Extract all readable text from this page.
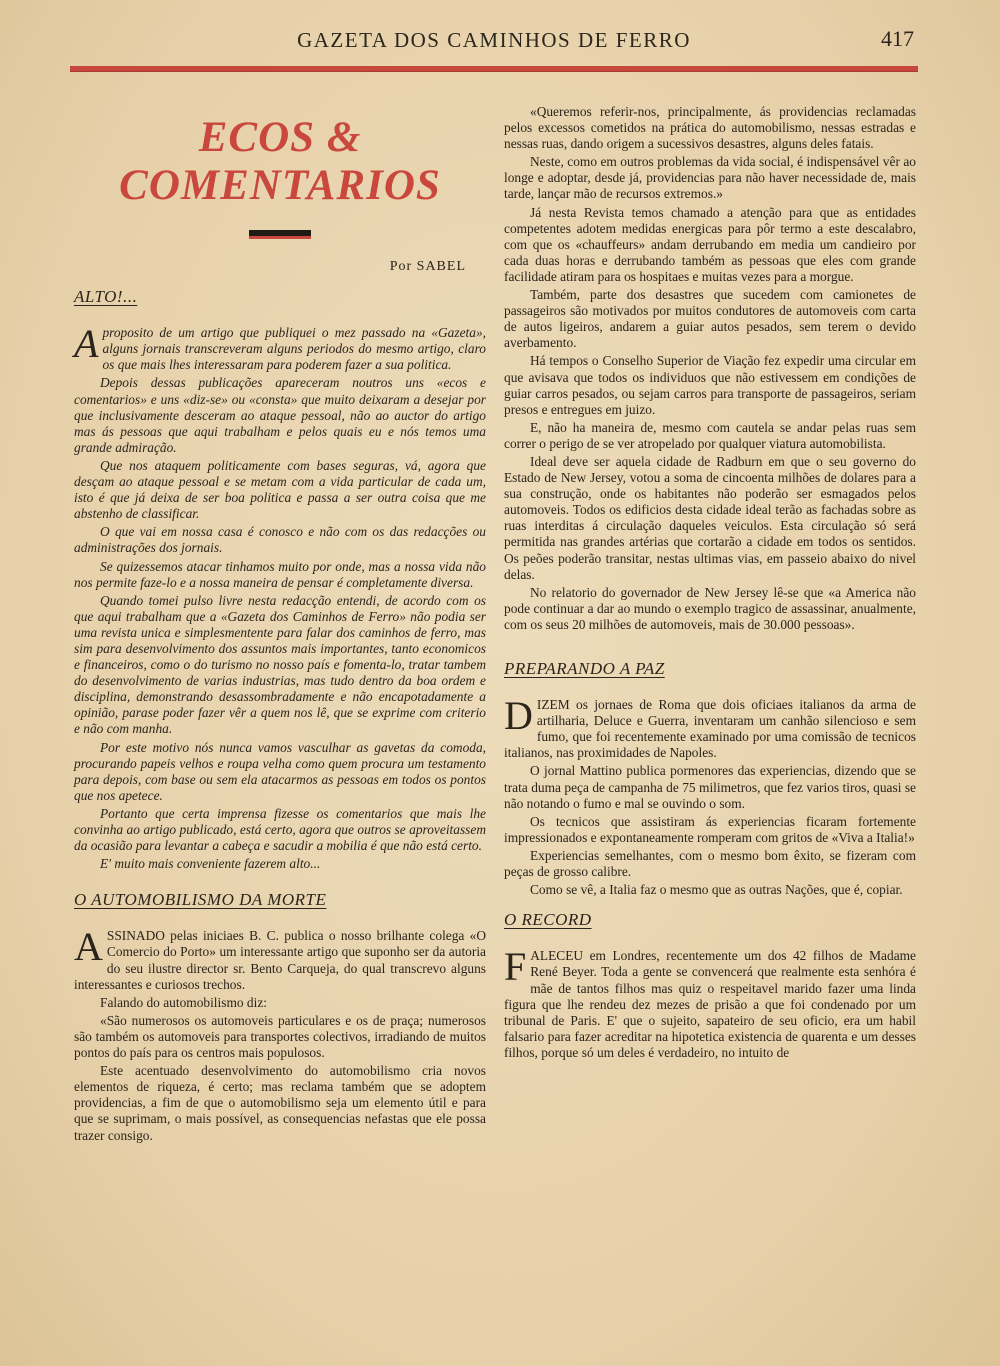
GAZETA DOS CAMINHOS DE FERRO	417
ECOS & COMENTARIOS
Por SABEL
ALTO!...

Aproposito de um artigo que publiquei o mez passado na «Gazeta», alguns jornais transcreveram alguns periodos do mesmo artigo, claro os que mais lhes interessaram para poderem fazer a sua politica.

Depois dessas publicações apareceram noutros uns «ecos e comentarios» e uns «diz-se» ou «consta» que muito deixaram a desejar por que inclusivamente desceram ao ataque pessoal, não ao auctor do artigo mas ás pessoas que aqui trabalham e pelos quais eu e nós temos uma grande admiração.

Que nos ataquem politicamente com bases seguras, vá, agora que desçam ao ataque pessoal e se metam com a vida particular de cada um, isto é que já deixa de ser boa politica e passa a ser outra coisa que me abstenho de classificar.

O que vai em nossa casa é conosco e não com os das redacções ou administrações dos jornais.

Se quizessemos atacar tinhamos muito por onde, mas a nossa vida não nos permite faze-lo e a nossa maneira de pensar é completamente diversa.

Quando tomei pulso livre nesta redacção entendi, de acordo com os que aqui trabalham que a «Gazeta dos Caminhos de Ferro» não podia ser uma revista unica e simplesmentente para falar dos caminhos de ferro, mas sim para desenvolvimento dos assuntos mais importantes, tanto economicos e financeiros, como o do turismo no nosso país e fomenta-lo, tratar tambem do desenvolvimento de varias industrias, mas tudo dentro da boa ordem e disciplina, demonstrando desassombradamente e não encapotadamente a opinião, parase poder fazer vêr a quem nos lê, que se exprime com criterio e não com manha.

Por este motivo nós nunca vamos vasculhar as gavetas da comoda, procurando papeis velhos e roupa velha como quem procura um testamento para depois, com base ou sem ela atacarmos as pessoas em todos os pontos que nos apetece.

Portanto que certa imprensa fizesse os comentarios que mais lhe convinha ao artigo publicado, está certo, agora que outros se aproveitassem da ocasião para levantar a cabeça e sacudir a mobilia é que não está certo.

E' muito mais conveniente fazerem alto...

O AUTOMOBILISMO DA MORTE

ASSINADO pelas iniciaes B. C. publica o nosso brilhante colega «O Comercio do Porto» um interessante artigo que suponho ser da autoria do seu ilustre director sr. Bento Carqueja, do qual transcrevo alguns interessantes e curiosos trechos.

Falando do automobilismo diz:

«São numerosos os automoveis particulares e os de praça; numerosos são também os automoveis para transportes colectivos, irradiando de muitos pontos do país para os centros mais populosos.

Este acentuado desenvolvimento do automobilismo cria novos elementos de riqueza, é certo; mas reclama também que se adoptem providencias, a fim de que o automobilismo seja um elemento útil e para que se suprimam, o mais possível, as consequencias nefastas que ele possa trazer consigo.

«Queremos referir-nos, principalmente, ás providencias reclamadas pelos excessos cometidos na prática do automobilismo, nessas estradas e nessas ruas, dando origem a sucessivos desastres, alguns deles fatais.

Neste, como em outros problemas da vida social, é indispensável vêr ao longe e adoptar, desde já, providencias para não haver necessidade de, mais tarde, lançar mão de recursos extremos.»

Já nesta Revista temos chamado a atenção para que as entidades competentes adotem medidas energicas para pôr termo a este descalabro, com que os «chauffeurs» andam derrubando em media um candieiro por cada duas horas e derrubando também as pessoas que eles com grande facilidade atiram para os hospitaes e muitas vezes para a morgue.

Também, parte dos desastres que sucedem com camionetes de passageiros são motivados por muitos condutores de automoveis com carta de autos ligeiros, andarem a guiar autos pesados, sem terem o devido averbamento.

Há tempos o Conselho Superior de Viação fez expedir uma circular em que avisava que todos os individuos que não estivessem em condições de guiar carros pesados, ou sejam carros para transporte de passageiros, seriam presos e entregues em juizo.

E, não ha maneira de, mesmo com cautela se andar pelas ruas sem correr o perigo de se ver atropelado por qualquer viatura automobilista.

Ideal deve ser aquela cidade de Radburn em que o seu governo do Estado de New Jersey, votou a soma de cincoenta milhões de dolares para a sua construção, onde os habitantes não poderão ser esmagados pelos automoveis. Todos os edificios desta cidade ideal terão as fachadas sobre as ruas interditas á circulação daqueles veiculos. Esta circulação só será permitida nas grandes artérias que cortarão a cidade em todos os sentidos. Os peões poderão transitar, nestas ultimas vias, em passeio abaixo do nivel delas.

No relatorio do governador de New Jersey lê-se que «a America não pode continuar a dar ao mundo o exemplo tragico de assassinar, anualmente, com os seus 20 milhões de automoveis, mais de 30.000 pessoas».

PREPARANDO A PAZ

DIZEM os jornaes de Roma que dois oficiaes italianos da arma de artilharia, Deluce e Guerra, inventaram um canhão silencioso e sem fumo, que foi recentemente examinado por uma comissão de tecnicos italianos, nas proximidades de Napoles.

O jornal Mattino publica pormenores das experiencias, dizendo que se trata duma peça de campanha de 75 milimetros, que fez varios tiros, quasi se não notando o fumo e mal se ouvindo o som.

Os tecnicos que assistiram ás experiencias ficaram fortemente impressionados e expontaneamente romperam com gritos de «Viva a Italia!»

Experiencias semelhantes, com o mesmo bom êxito, se fizeram com peças de grosso calibre.

Como se vê, a Italia faz o mesmo que as outras Nações, que é, copiar.

O RECORD

FALECEU em Londres, recentemente um dos 42 filhos de Madame René Beyer. Toda a gente se convencerá que realmente esta senhóra é mãe de tantos filhos mas quiz o respeitavel marido fazer uma linda figura que lhe rendeu dez mezes de prisão a que foi condenado por um tribunal de Paris. E' que o sujeito, sapateiro de seu oficio, era um habil falsario para fazer acreditar na hipotetica existencia de quarenta e um desses filhos, porque só um deles é verdadeiro, no intuito de
